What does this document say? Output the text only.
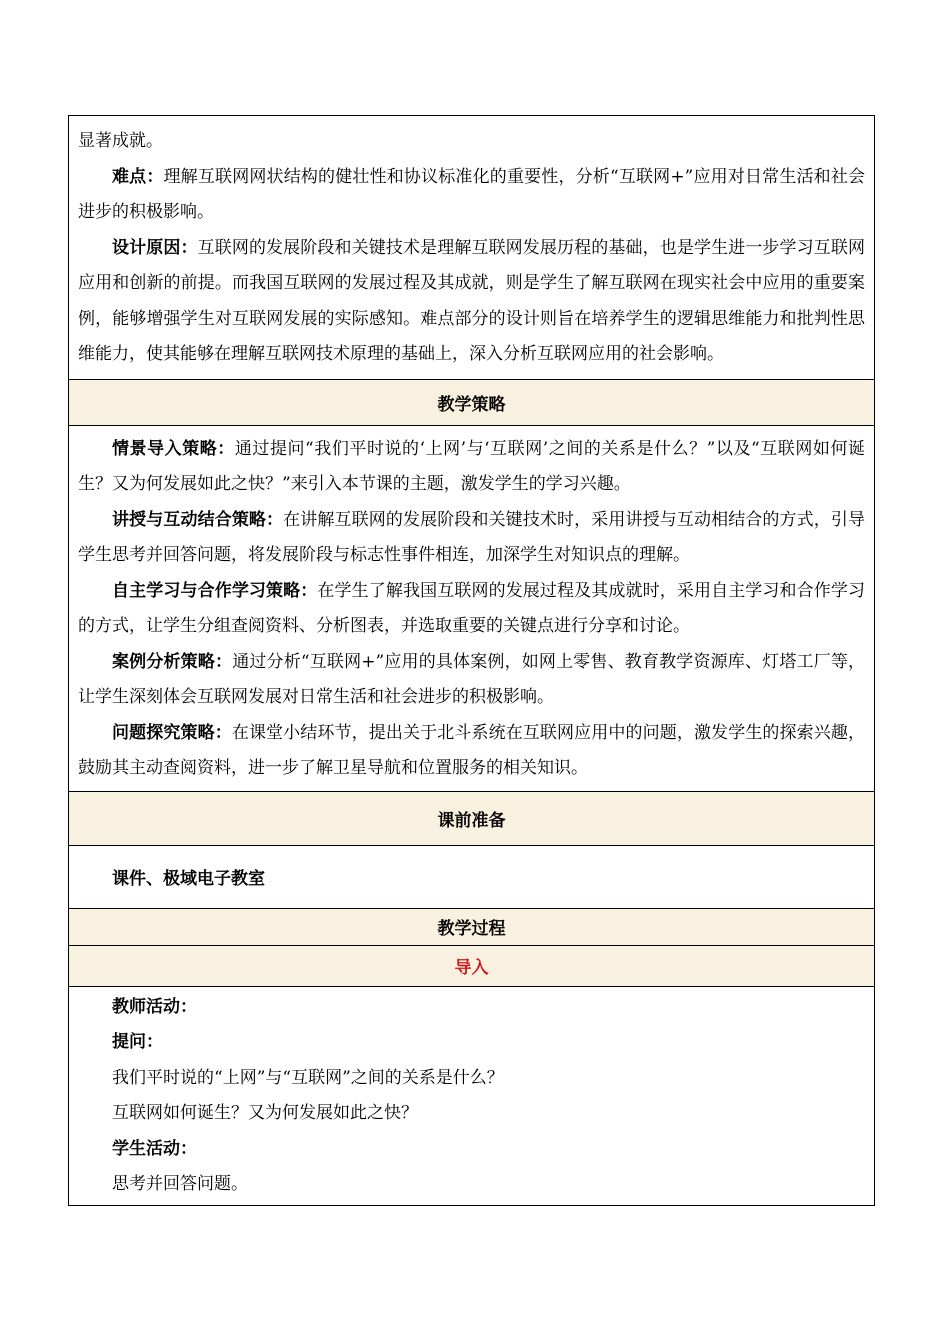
显著成就。

难点：理解互联网网状结构的健壮性和协议标准化的重要性，分析“互联网+”应用对日常生活和社会进步的积极影响。

设计原因：互联网的发展阶段和关键技术是理解互联网发展历程的基础，也是学生进一步学习互联网应用和创新的前提。而我国互联网的发展过程及其成就，则是学生了解互联网在现实社会中应用的重要案例，能够增强学生对互联网发展的实际感知。难点部分的设计则旨在培养学生的逻辑思维能力和批判性思维能力，使其能够在理解互联网技术原理的基础上，深入分析互联网应用的社会影响。

教学策略

情景导入策略：通过提问“我们平时说的‘上网’与‘互联网’之间的关系是什么？”以及“互联网如何诞生？又为何发展如此之快？”来引入本节课的主题，激发学生的学习兴趣。

讲授与互动结合策略：在讲解互联网的发展阶段和关键技术时，采用讲授与互动相结合的方式，引导学生思考并回答问题，将发展阶段与标志性事件相连，加深学生对知识点的理解。

自主学习与合作学习策略：在学生了解我国互联网的发展过程及其成就时，采用自主学习和合作学习的方式，让学生分组查阅资料、分析图表，并选取重要的关键点进行分享和讨论。

案例分析策略：通过分析“互联网+”应用的具体案例，如网上零售、教育教学资源库、灯塔工厂等，让学生深刻体会互联网发展对日常生活和社会进步的积极影响。

问题探究策略：在课堂小结环节，提出关于北斗系统在互联网应用中的问题，激发学生的探索兴趣，鼓励其主动查阅资料，进一步了解卫星导航和位置服务的相关知识。

课前准备

课件、极域电子教室

教学过程
导入

教师活动：

提问：

我们平时说的“上网”与“互联网”之间的关系是什么？

互联网如何诞生？又为何发展如此之快？

学生活动：

思考并回答问题。
